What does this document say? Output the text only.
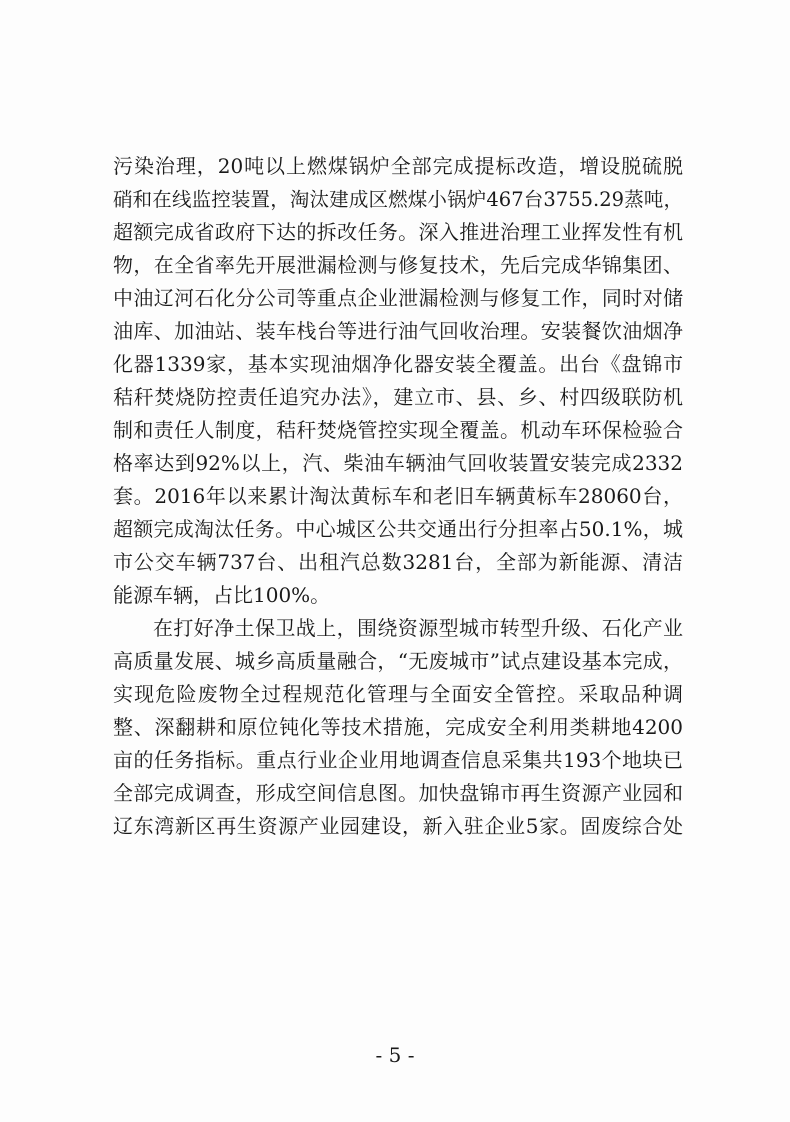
污染治理，20吨以上燃煤锅炉全部完成提标改造，增设脱硫脱
硝和在线监控装置，淘汰建成区燃煤小锅炉467台3755.29蒸吨，
超额完成省政府下达的拆改任务。深入推进治理工业挥发性有机
物，在全省率先开展泄漏检测与修复技术，先后完成华锦集团、
中油辽河石化分公司等重点企业泄漏检测与修复工作，同时对储
油库、加油站、装车栈台等进行油气回收治理。安装餐饮油烟净
化器1339家，基本实现油烟净化器安装全覆盖。出台《盘锦市
秸秆焚烧防控责任追究办法》，建立市、县、乡、村四级联防机
制和责任人制度，秸秆焚烧管控实现全覆盖。机动车环保检验合
格率达到92%以上，汽、柴油车辆油气回收装置安装完成2332
套。2016年以来累计淘汰黄标车和老旧车辆黄标车28060台，
超额完成淘汰任务。中心城区公共交通出行分担率占50.1%，城
市公交车辆737台、出租汽总数3281台，全部为新能源、清洁
能源车辆，占比100%。
在打好净土保卫战上，围绕资源型城市转型升级、石化产业
高质量发展、城乡高质量融合，“无废城市”试点建设基本完成，
实现危险废物全过程规范化管理与全面安全管控。采取品种调
整、深翻耕和原位钝化等技术措施，完成安全利用类耕地4200
亩的任务指标。重点行业企业用地调查信息采集共193个地块已
全部完成调查，形成空间信息图。加快盘锦市再生资源产业园和
辽东湾新区再生资源产业园建设，新入驻企业5家。固废综合处
- 5 -
